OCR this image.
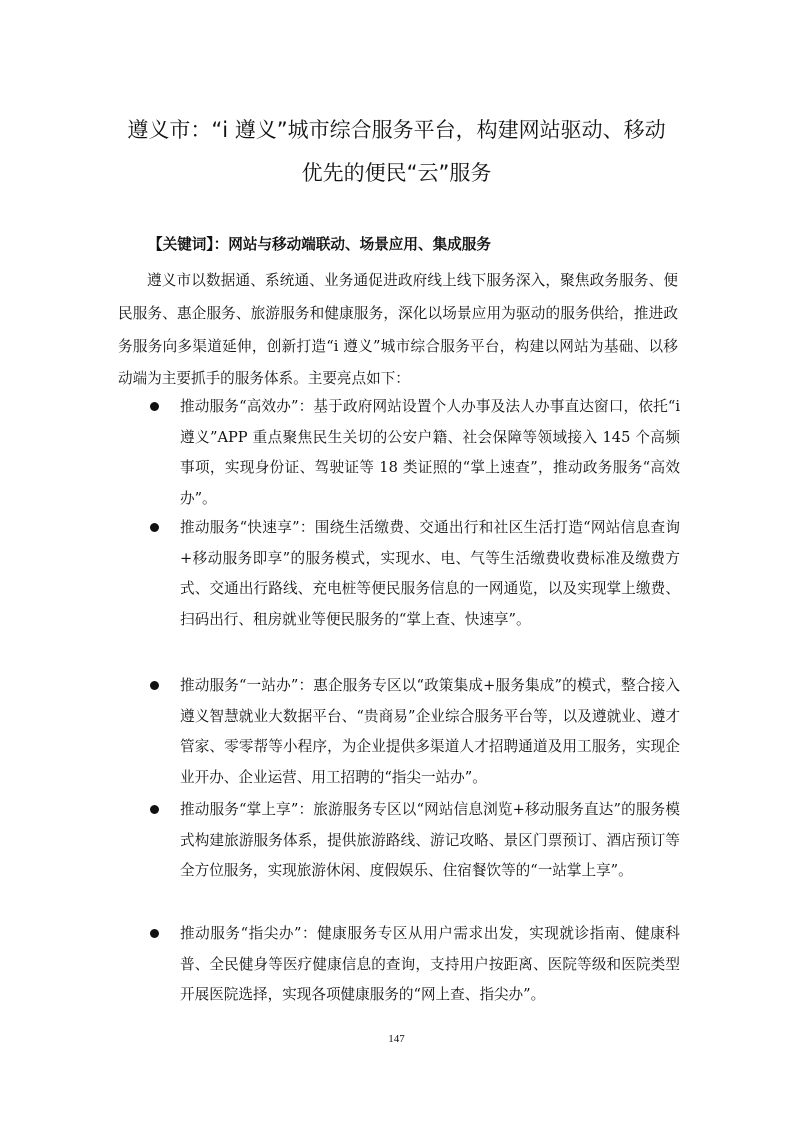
遵义市：“i 遵义”城市综合服务平台，构建网站驱动、移动
优先的便民“云”服务
【关键词】：网站与移动端联动、场景应用、集成服务

遵义市以数据通、系统通、业务通促进政府线上线下服务深入，聚焦政务服务、便民服务、惠企服务、旅游服务和健康服务，深化以场景应用为驱动的服务供给，推进政务服务向多渠道延伸，创新打造“i 遵义”城市综合服务平台，构建以网站为基础、以移动端为主要抓手的服务体系。主要亮点如下：

推动服务“高效办”：基于政府网站设置个人办事及法人办事直达窗口，依托“i 遵义”APP 重点聚焦民生关切的公安户籍、社会保障等领域接入 145 个高频事项，实现身份证、驾驶证等 18 类证照的“掌上速查”，推动政务服务“高效办”。

推动服务“快速享”：围绕生活缴费、交通出行和社区生活打造“网站信息查询+移动服务即享”的服务模式，实现水、电、气等生活缴费收费标准及缴费方式、交通出行路线、充电桩等便民服务信息的一网通览，以及实现掌上缴费、扫码出行、租房就业等便民服务的“掌上查、快速享”。

推动服务“一站办”：惠企服务专区以“政策集成+服务集成”的模式，整合接入遵义智慧就业大数据平台、“贵商易”企业综合服务平台等，以及遵就业、遵才管家、零零帮等小程序，为企业提供多渠道人才招聘通道及用工服务，实现企业开办、企业运营、用工招聘的“指尖一站办”。

推动服务“掌上享”：旅游服务专区以“网站信息浏览+移动服务直达”的服务模式构建旅游服务体系，提供旅游路线、游记攻略、景区门票预订、酒店预订等全方位服务，实现旅游休闲、度假娱乐、住宿餐饮等的“一站掌上享”。

推动服务“指尖办”：健康服务专区从用户需求出发，实现就诊指南、健康科普、全民健身等医疗健康信息的查询，支持用户按距离、医院等级和医院类型开展医院选择，实现各项健康服务的“网上查、指尖办”。

147
